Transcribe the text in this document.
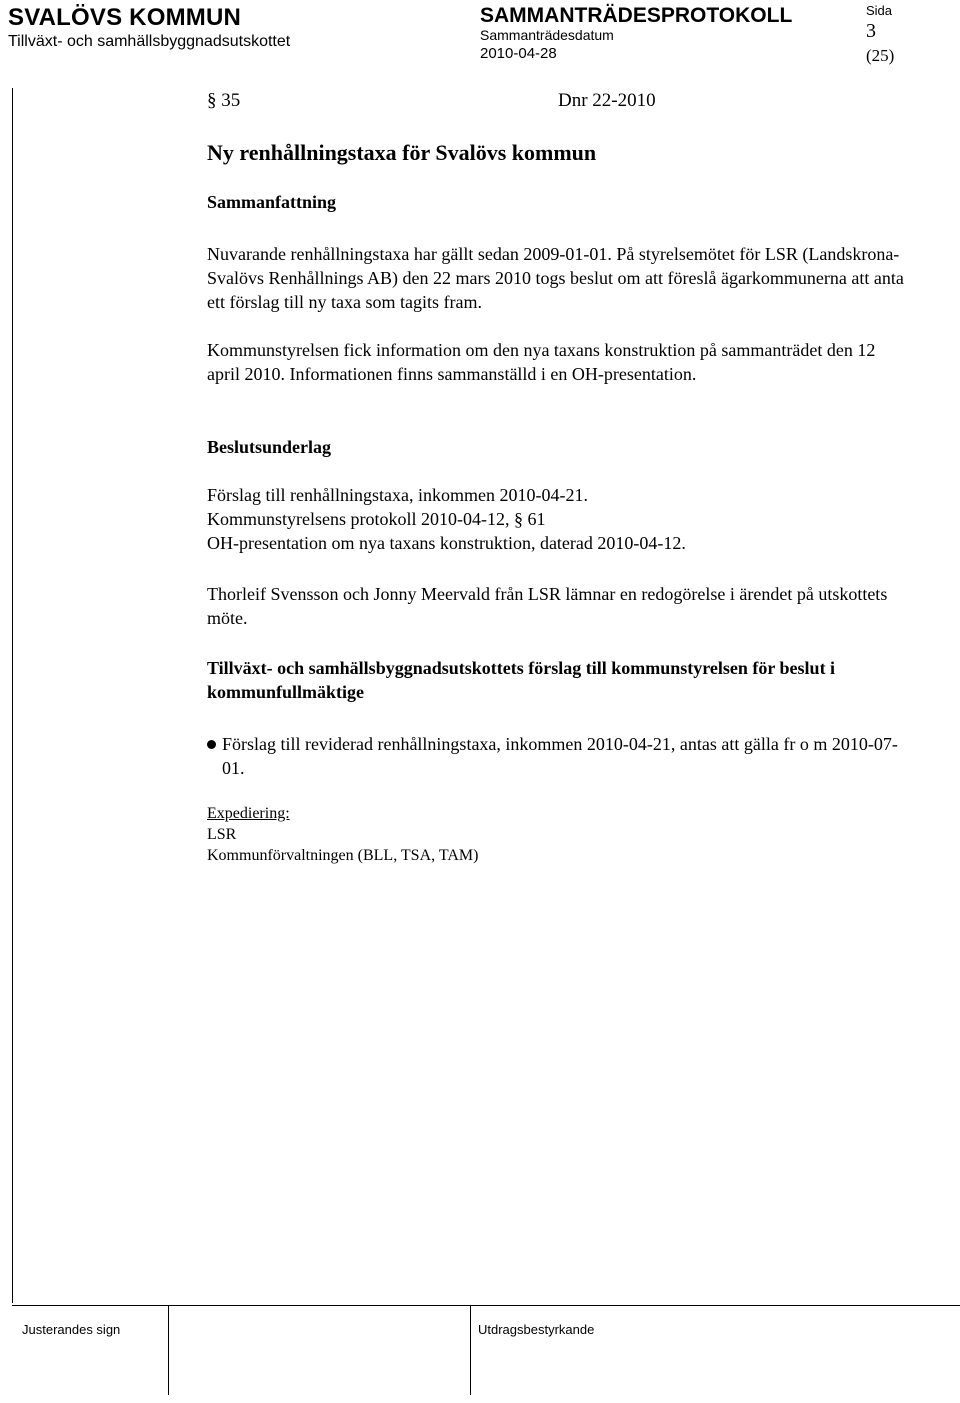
SVALÖVS KOMMUN
Tillväxt- och samhällsbyggnadsutskottet
SAMMANTRÄDESPROTOKOLL
Sammanträdesdatum
2010-04-28
Sida
3
(25)
§ 35	Dnr 22-2010
Ny renhållningstaxa för Svalövs kommun

Sammanfattning

Nuvarande renhållningstaxa har gällt sedan 2009-01-01. På styrelsemötet för LSR (Landskrona-Svalövs Renhållnings AB) den 22 mars 2010 togs beslut om att föreslå ägarkommunerna att anta ett förslag till ny taxa som tagits fram.

Kommunstyrelsen fick information om den nya taxans konstruktion på sammanträdet den 12 april 2010. Informationen finns sammanställd i en OH-presentation.

Beslutsunderlag

Förslag till renhållningstaxa, inkommen 2010-04-21.

Kommunstyrelsens protokoll 2010-04-12, § 61

OH-presentation om nya taxans konstruktion, daterad 2010-04-12.

Thorleif Svensson och Jonny Meervald från LSR lämnar en redogörelse i ärendet på utskottets möte.

Tillväxt- och samhällsbyggnadsutskottets förslag till kommunstyrelsen för beslut i kommunfullmäktige

Förslag till reviderad renhållningstaxa, inkommen 2010-04-21, antas att gälla fr o m 2010-07-01.

Expediering:

LSR

Kommunförvaltningen (BLL, TSA, TAM)

Justerandes sign	Utdragsbestyrkande
